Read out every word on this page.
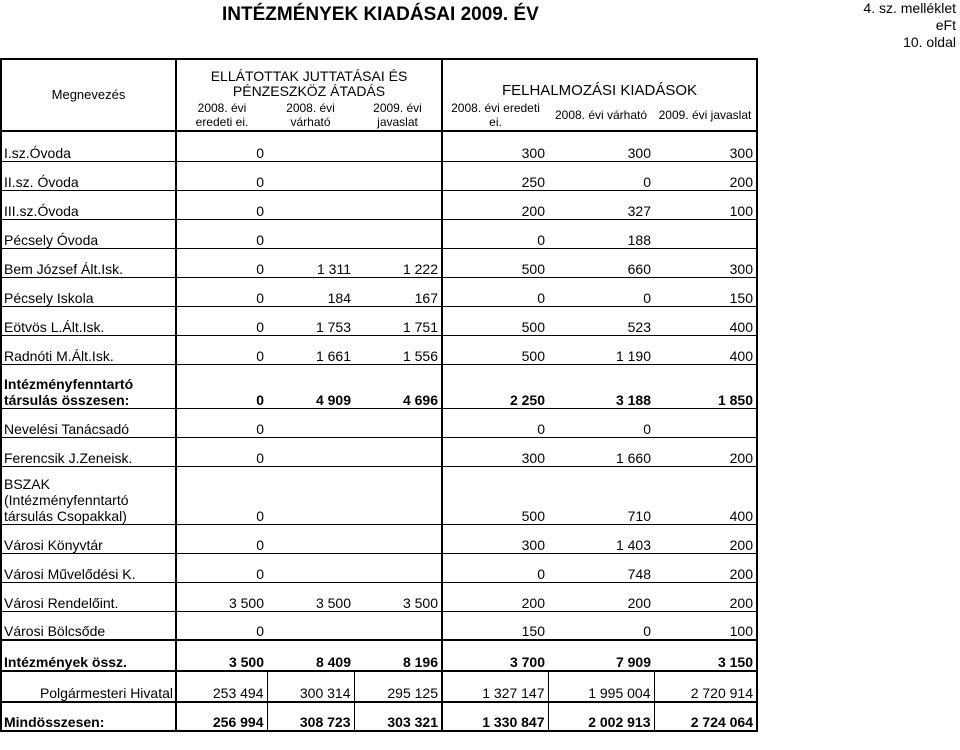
INTÉZMÉNYEK KIADÁSAI 2009. ÉV	4. sz. melléklet
eFt
10. oldal
Megnevezés	ELLÁTOTTAK JUTTATÁSAI ÉS PÉNZESZKÖZ ÁTADÁS			FELHALMOZÁSI KIADÁSOK		
	2008. évi eredeti ei.	2008. évi várható	2009. évi javaslat	2008. évi eredeti ei.	2008. évi várható	2009. évi javaslat
I.sz.Óvoda	0			300	300	300
II.sz. Óvoda	0			250	0	200
III.sz.Óvoda	0			200	327	100
Pécsely Óvoda	0			0	188	
Bem József Ált.Isk.	0	1 311	1 222	500	660	300
Pécsely Iskola	0	184	167	0	0	150
Eötvös L.Ált.Isk.	0	1 753	1 751	500	523	400
Radnóti M.Ált.Isk.	0	1 661	1 556	500	1 190	400
Intézményfenntartó társulás összesen:	0	4 909	4 696	2 250	3 188	1 850
Nevelési Tanácsadó	0			0	0	
Ferencsik J.Zeneisk.	0			300	1 660	200
BSZAK (Intézményfenntartó társulás Csopakkal)	0			500	710	400
Városi Könyvtár	0			300	1 403	200
Városi Művelődési K.	0			0	748	200
Városi Rendelőint.	3 500	3 500	3 500	200	200	200
Városi Bölcsőde	0			150	0	100
Intézmények össz.	3 500	8 409	8 196	3 700	7 909	3 150
Polgármesteri Hivatal	253 494	300 314	295 125	1 327 147	1 995 004	2 720 914
Mindösszesen:	256 994	308 723	303 321	1 330 847	2 002 913	2 724 064
